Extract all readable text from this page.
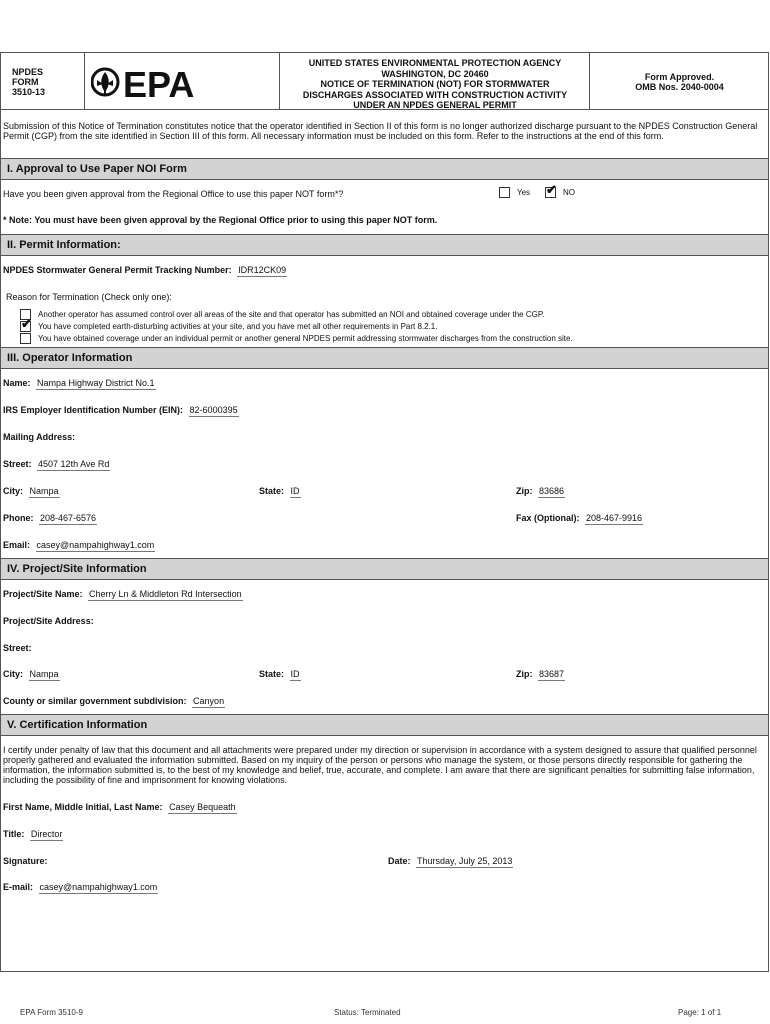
NPDES
FORM
3510-13 EPA
UNITED STATES ENVIRONMENTAL PROTECTION AGENCY
WASHINGTON, DC 20460
NOTICE OF TERMINATION (NOT) FOR STORMWATER
DISCHARGES ASSOCIATED WITH CONSTRUCTION ACTIVITY
UNDER AN NPDES GENERAL PERMIT
Form Approved.
OMB Nos. 2040-0004
Submission of this Notice of Termination constitutes notice that the operator identified in Section II of this form is no longer authorized discharge pursuant to the NPDES Construction General Permit (CGP) from the site identified in Section III of this form. All necessary information must be included on this form. Refer to the instructions at the end of this form.
I. Approval to Use Paper NOI Form
Have you been given approval from the Regional Office to use this paper NOT form*?	Yes ✔ NO
* Note: You must have been given approval by the Regional Office prior to using this paper NOT form.
II. Permit Information:
NPDES Stormwater General Permit Tracking Number: IDR12CK09
Reason for Termination (Check only one):
Another operator has assumed control over all areas of the site and that operator has submitted an NOI and obtained coverage under the CGP.
✔ You have completed earth-disturbing activities at your site, and you have met all other requirements in Part 8.2.1.
You have obtained coverage under an individual permit or another general NPDES permit addressing stormwater discharges from the construction site.
III. Operator Information
Name: Nampa Highway District No.1
IRS Employer Identification Number (EIN): 82-6000395
Mailing Address:
Street: 4507 12th Ave Rd
City: Nampa	State: ID	Zip: 83686
Phone: 208-467-6576	Fax (Optional): 208-467-9916
Email: casey@nampahighway1.com
IV. Project/Site Information
Project/Site Name: Cherry Ln & Middleton Rd Intersection
Project/Site Address:
Street:
City: Nampa	State: ID	Zip: 83687
County or similar government subdivision: Canyon
V. Certification Information
I certify under penalty of law that this document and all attachments were prepared under my direction or supervision in accordance with a system designed to assure that qualified personnel properly gathered and evaluated the information submitted. Based on my inquiry of the person or persons who manage the system, or those persons directly responsible for gathering the information, the information submitted is, to the best of my knowledge and belief, true, accurate, and complete. I am aware that there are significant penalties for submitting false information, including the possibility of fine and imprisonment for knowing violations.
First Name, Middle Initial, Last Name: Casey Bequeath
Title: Director
Signature:	Date: Thursday, July 25, 2013
E-mail: casey@nampahighway1.com
EPA Form 3510-9	Status: Terminated	Page: 1 of 1
